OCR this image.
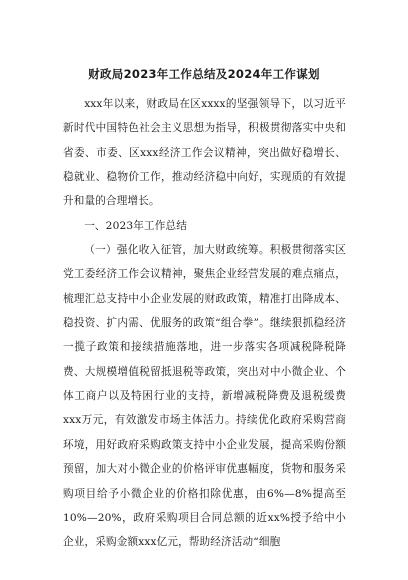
财政局2023年工作总结及2024年工作谋划

xxx年以来，财政局在区xxxx的坚强领导下，以习近平新时代中国特色社会主义思想为指导，积极贯彻落实中央和省委、市委、区xxx经济工作会议精神，突出做好稳增长、稳就业、稳物价工作，推动经济稳中向好，实现质的有效提升和量的合理增长。

一、2023年工作总结

（一）强化收入征管，加大财政统筹。积极贯彻落实区党工委经济工作会议精神，聚焦企业经营发展的难点痛点，梳理汇总支持中小企业发展的财政政策，精准打出降成本、稳投资、扩内需、优服务的政策“组合拳”。继续狠抓稳经济一揽子政策和接续措施落地，进一步落实各项减税降税降费、大规模增值税留抵退税等政策，突出对中小微企业、个体工商户以及特困行业的支持，新增减税降费及退税缓费xxx万元，有效激发市场主体活力。持续优化政府采购营商环境，用好政府采购政策支持中小企业发展，提高采购份额预留，加大对小微企业的价格评审优惠幅度，货物和服务采购项目给予小微企业的价格扣除优惠，由6%—8%提高至10%—20%，政府采购项目合同总额的近xx%授予给中小企业，采购金额xxx亿元，帮助经济活动“细胞
